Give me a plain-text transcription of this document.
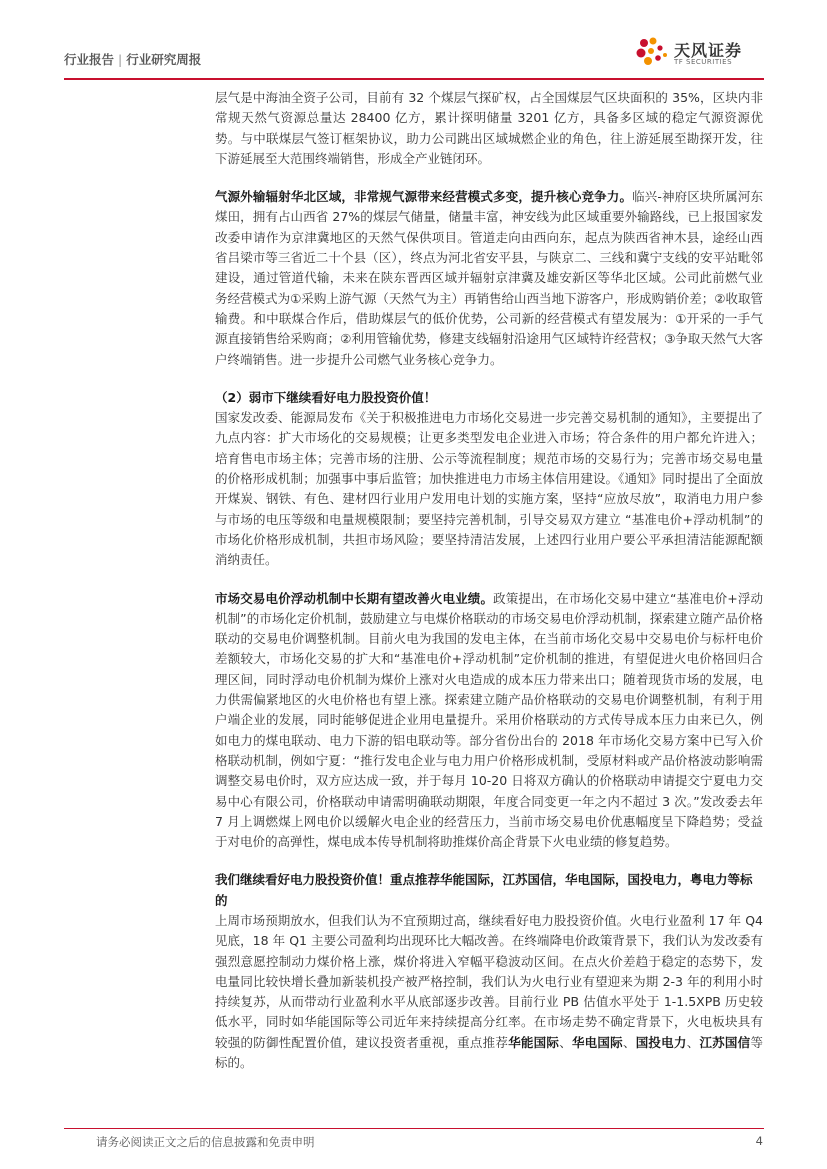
行业报告 | 行业研究周报	天风证券
TF SECURITIES

层气是中海油全资子公司，目前有 32 个煤层气探矿权，占全国煤层气区块面积的 35%，区块内非常规天然气资源总量达 28400 亿方，累计探明储量 3201 亿方，具备多区域的稳定气源资源优势。与中联煤层气签订框架协议，助力公司跳出区域城燃企业的角色，往上游延展至勘探开发，往下游延展至大范围终端销售，形成全产业链闭环。

气源外输辐射华北区域，非常规气源带来经营模式多变，提升核心竞争力。临兴-神府区块所属河东煤田，拥有占山西省 27%的煤层气储量，储量丰富，神安线为此区域重要外输路线，已上报国家发改委申请作为京津冀地区的天然气保供项目。管道走向由西向东，起点为陕西省神木县，途经山西省吕梁市等三省近二十个县（区），终点为河北省安平县，与陕京二、三线和冀宁支线的安平站毗邻建设，通过管道代输，未来在陕东晋西区域并辐射京津冀及雄安新区等华北区域。公司此前燃气业务经营模式为①采购上游气源（天然气为主）再销售给山西当地下游客户，形成购销价差；②收取管输费。和中联煤合作后，借助煤层气的低价优势，公司新的经营模式有望发展为：①开采的一手气源直接销售给采购商；②利用管输优势，修建支线辐射沿途用气区域特许经营权；③争取天然气大客户终端销售。进一步提升公司燃气业务核心竞争力。

（2）弱市下继续看好电力股投资价值！

国家发改委、能源局发布《关于积极推进电力市场化交易进一步完善交易机制的通知》，主要提出了九点内容：扩大市场化的交易规模；让更多类型发电企业进入市场；符合条件的用户都允许进入；培育售电市场主体；完善市场的注册、公示等流程制度；规范市场的交易行为；完善市场交易电量的价格形成机制；加强事中事后监管；加快推进电力市场主体信用建设。《通知》同时提出了全面放开煤炭、钢铁、有色、建材四行业用户发用电计划的实施方案，坚持“应放尽放”，取消电力用户参与市场的电压等级和电量规模限制；要坚持完善机制，引导交易双方建立 “基准电价+浮动机制”的市场化价格形成机制，共担市场风险；要坚持清洁发展，上述四行业用户要公平承担清洁能源配额消纳责任。

市场交易电价浮动机制中长期有望改善火电业绩。政策提出，在市场化交易中建立“基准电价+浮动机制”的市场化定价机制，鼓励建立与电煤价格联动的市场交易电价浮动机制，探索建立随产品价格联动的交易电价调整机制。目前火电为我国的发电主体，在当前市场化交易中交易电价与标杆电价差额较大，市场化交易的扩大和“基准电价+浮动机制”定价机制的推进，有望促进火电价格回归合理区间，同时浮动电价机制为煤价上涨对火电造成的成本压力带来出口；随着现货市场的发展，电力供需偏紧地区的火电价格也有望上涨。探索建立随产品价格联动的交易电价调整机制，有利于用户端企业的发展，同时能够促进企业用电量提升。采用价格联动的方式传导成本压力由来已久，例如电力的煤电联动、电力下游的铝电联动等。部分省份出台的 2018 年市场化交易方案中已写入价格联动机制，例如宁夏：“推行发电企业与电力用户价格形成机制，受原材料或产品价格波动影响需调整交易电价时，双方应达成一致，并于每月 10-20 日将双方确认的价格联动申请提交宁夏电力交易中心有限公司，价格联动申请需明确联动期限，年度合同变更一年之内不超过 3 次。”发改委去年 7 月上调燃煤上网电价以缓解火电企业的经营压力，当前市场交易电价优惠幅度呈下降趋势；受益于对电价的高弹性，煤电成本传导机制将助推煤价高企背景下火电业绩的修复趋势。

我们继续看好电力股投资价值！重点推荐华能国际，江苏国信，华电国际，国投电力，粤电力等标的

上周市场预期放水，但我们认为不宜预期过高，继续看好电力股投资价值。火电行业盈利 17 年 Q4 见底，18 年 Q1 主要公司盈利均出现环比大幅改善。在终端降电价政策背景下，我们认为发改委有强烈意愿控制动力煤价格上涨，煤价将进入窄幅平稳波动区间。在点火价差趋于稳定的态势下，发电量同比较快增长叠加新装机投产被严格控制，我们认为火电行业有望迎来为期 2-3 年的利用小时持续复苏，从而带动行业盈利水平从底部逐步改善。目前行业 PB 估值水平处于 1-1.5XPB 历史较低水平，同时如华能国际等公司近年来持续提高分红率。在市场走势不确定背景下，火电板块具有较强的防御性配置价值，建议投资者重视，重点推荐华能国际、华电国际、国投电力、江苏国信等标的。

请务必阅读正文之后的信息披露和免责申明	4
